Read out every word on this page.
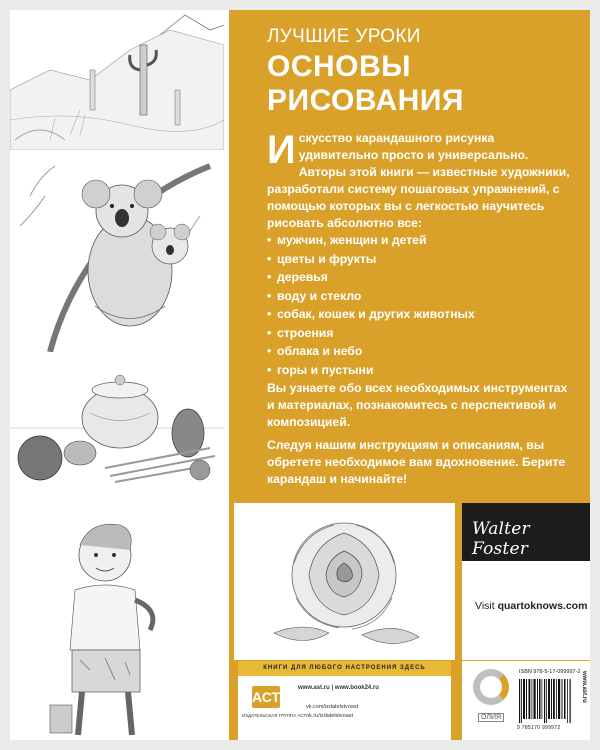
ЛУЧШИЕ УРОКИ
ОСНОВЫ
РИСОВАНИЯ
Искусство карандашного рисунка удивительно просто и универсально. Авторы этой книги — известные художники, разработали систему пошаговых упражнений, с помощью которых вы с легкостью научитесь рисовать абсолютно все:
• мужчин, женщин и детей
• цветы и фрукты
• деревья
• воду и стекло
• собак, кошек и других животных
• строения
• облака и небо
• горы и пустыни
Вы узнаете обо всех необходимых инструментах и материалах, познакомитесь с перспективой и композицией.
Следуя нашим инструкциям и описаниям, вы обретете необходимое вам вдохновение. Берите карандаш и начинайте!
Walter Foster
Visit quartoknows.com
КНИГИ ДЛЯ ЛЮБОГО НАСТРОЕНИЯ ЗДЕСЬ
АСТ
ИЗДАТЕЛЬСКАЯ ГРУППА АСТ
www.ast.ru | www.book24.ru
vk.com/izdatelstvoast
ok.ru/izdatelstvoast	ОЛИЯ
ISBN 978-5-17-099997-2
9 785170 999972
www.ast.ru
